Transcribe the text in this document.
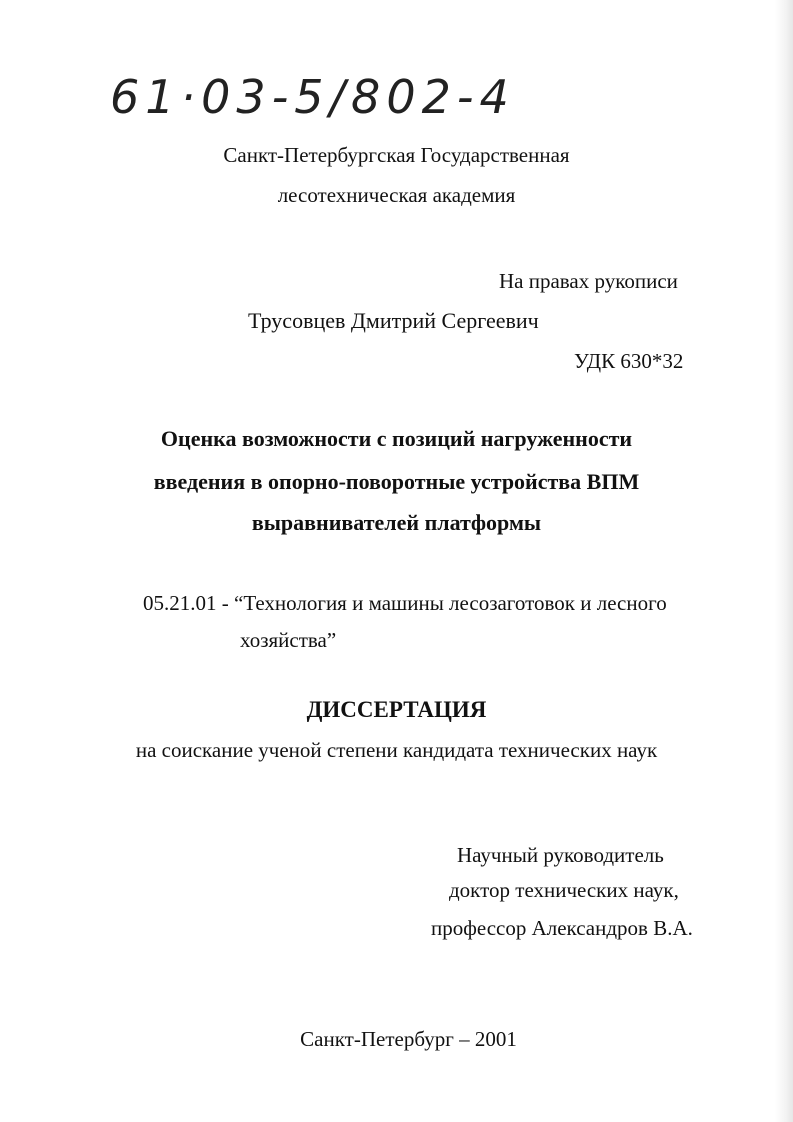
61·03-5/802-4
Санкт-Петербургская Государственная
лесотехническая академия
На правах рукописи
Трусовцев Дмитрий Сергеевич
УДК 630*32
Оценка возможности с позиций нагруженности
введения в опорно-поворотные устройства ВПМ
выравнивателей платформы
05.21.01 - “Технология и машины лесозаготовок и лесного
хозяйства”
ДИССЕРТАЦИЯ
на соискание ученой степени кандидата технических наук
Научный руководитель
доктор технических наук,
профессор Александров В.А.
Санкт-Петербург – 2001
